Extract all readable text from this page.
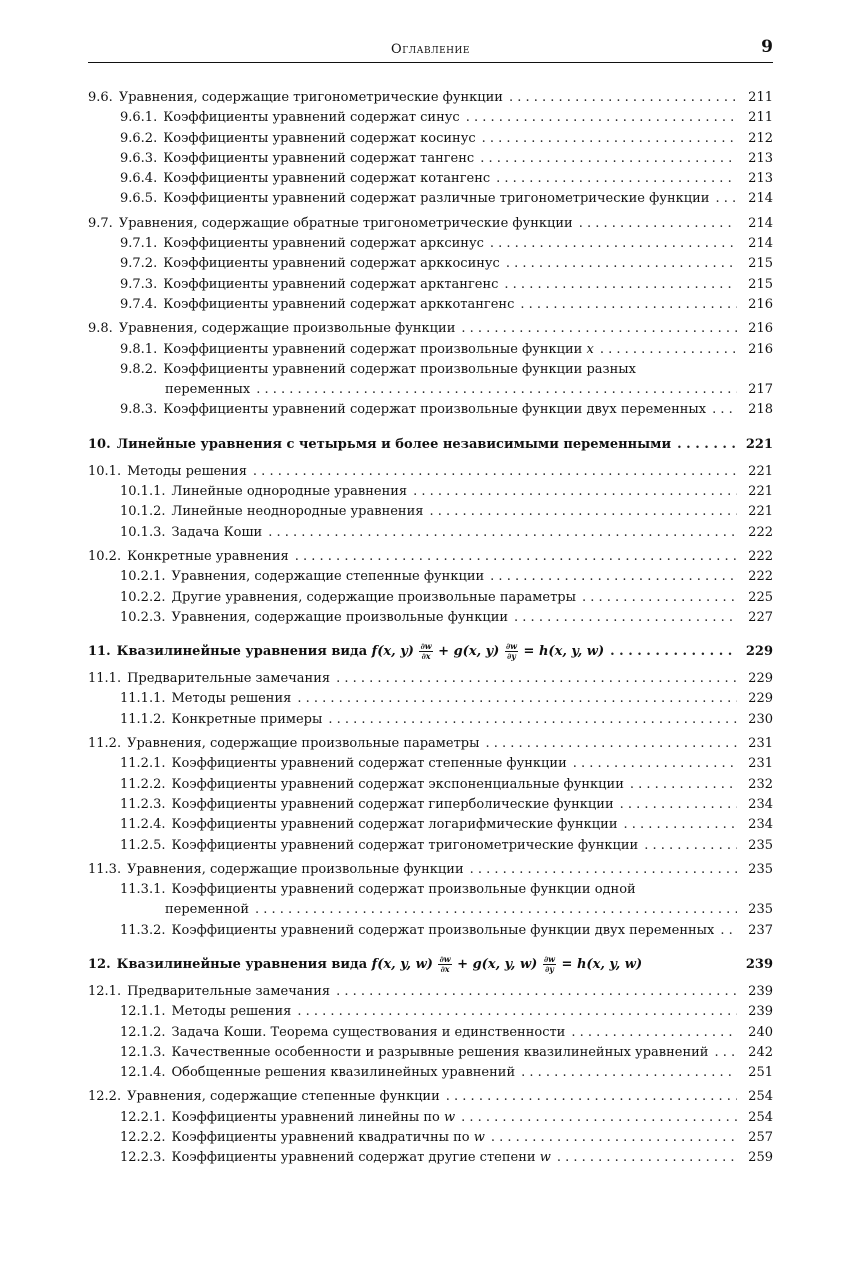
Оглавление	9
9.6. Уравнения, содержащие тригонометрические функции . . .	211
9.6.1. Коэффициенты уравнений содержат синус . . .	211
9.6.2. Коэффициенты уравнений содержат косинус . . .	212
9.6.3. Коэффициенты уравнений содержат тангенс . . .	213
9.6.4. Коэффициенты уравнений содержат котангенс . . .	213
9.6.5. Коэффициенты уравнений содержат различные тригонометрические функции . . .	214
9.7. Уравнения, содержащие обратные тригонометрические функции . . .	214
9.7.1. Коэффициенты уравнений содержат арксинус . . .	214
9.7.2. Коэффициенты уравнений содержат арккосинус . . .	215
9.7.3. Коэффициенты уравнений содержат арктангенс . . .	215
9.7.4. Коэффициенты уравнений содержат арккотангенс . . .	216
9.8. Уравнения, содержащие произвольные функции . . .	216
9.8.1. Коэффициенты уравнений содержат произвольные функции x . . .	216
9.8.2. Коэффициенты уравнений содержат произвольные функции разных
переменных . . .	217
9.8.3. Коэффициенты уравнений содержат произвольные функции двух переменных . . .	218
10. Линейные уравнения с четырьмя и более независимыми переменными . . .	221
10.1. Методы решения . . .	221
10.1.1. Линейные однородные уравнения . . .	221
10.1.2. Линейные неоднородные уравнения . . .	221
10.1.3. Задача Коши . . .	222
10.2. Конкретные уравнения . . .	222
10.2.1. Уравнения, содержащие степенные функции . . .	222
10.2.2. Другие уравнения, содержащие произвольные параметры . . .	225
10.2.3. Уравнения, содержащие произвольные функции . . .	227
11. Квазилинейные уравнения вида f(x, $y) \frac{\partial w}{\partial x} + g(x$, $y) \frac{\partial w}{\partial y} = h(x$, y, w) . . .	229
11.1. Предварительные замечания . . .	229
11.1.1. Методы решения . . .	229
11.1.2. Конкретные примеры . . .	230
11.2. Уравнения, содержащие произвольные параметры . . .	231
11.2.1. Коэффициенты уравнений содержат степенные функции . . .	231
11.2.2. Коэффициенты уравнений содержат экспоненциальные функции . . .	232
11.2.3. Коэффициенты уравнений содержат гиперболические функции . . .	234
11.2.4. Коэффициенты уравнений содержат логарифмические функции . . .	234
11.2.5. Коэффициенты уравнений содержат тригонометрические функции . . .	235
11.3. Уравнения, содержащие произвольные функции . . .	235
11.3.1. Коэффициенты уравнений содержат произвольные функции одной
переменной . . .	235
11.3.2. Коэффициенты уравнений содержат произвольные функции двух переменных . . .	237
12. Квазилинейные уравнения вида f(x, y, $w) \frac{\partial w}{\partial x} + g(x$, y, $w) \frac{\partial w}{\partial y} = h(x$, y, w)	239
12.1. Предварительные замечания . . .	239
12.1.1. Методы решения . . .	239
12.1.2. Задача Коши. Теорема существования и единственности . . .	240
12.1.3. Качественные особенности и разрывные решения квазилинейных уравнений . . .	242
12.1.4. Обобщенные решения квазилинейных уравнений . . .	251
12.2. Уравнения, содержащие степенные функции . . .	254
12.2.1. Коэффициенты уравнений линейны по w . . .	254
12.2.2. Коэффициенты уравнений квадратичны по w . . .	257
12.2.3. Коэффициенты уравнений содержат другие степени w . . .	259
